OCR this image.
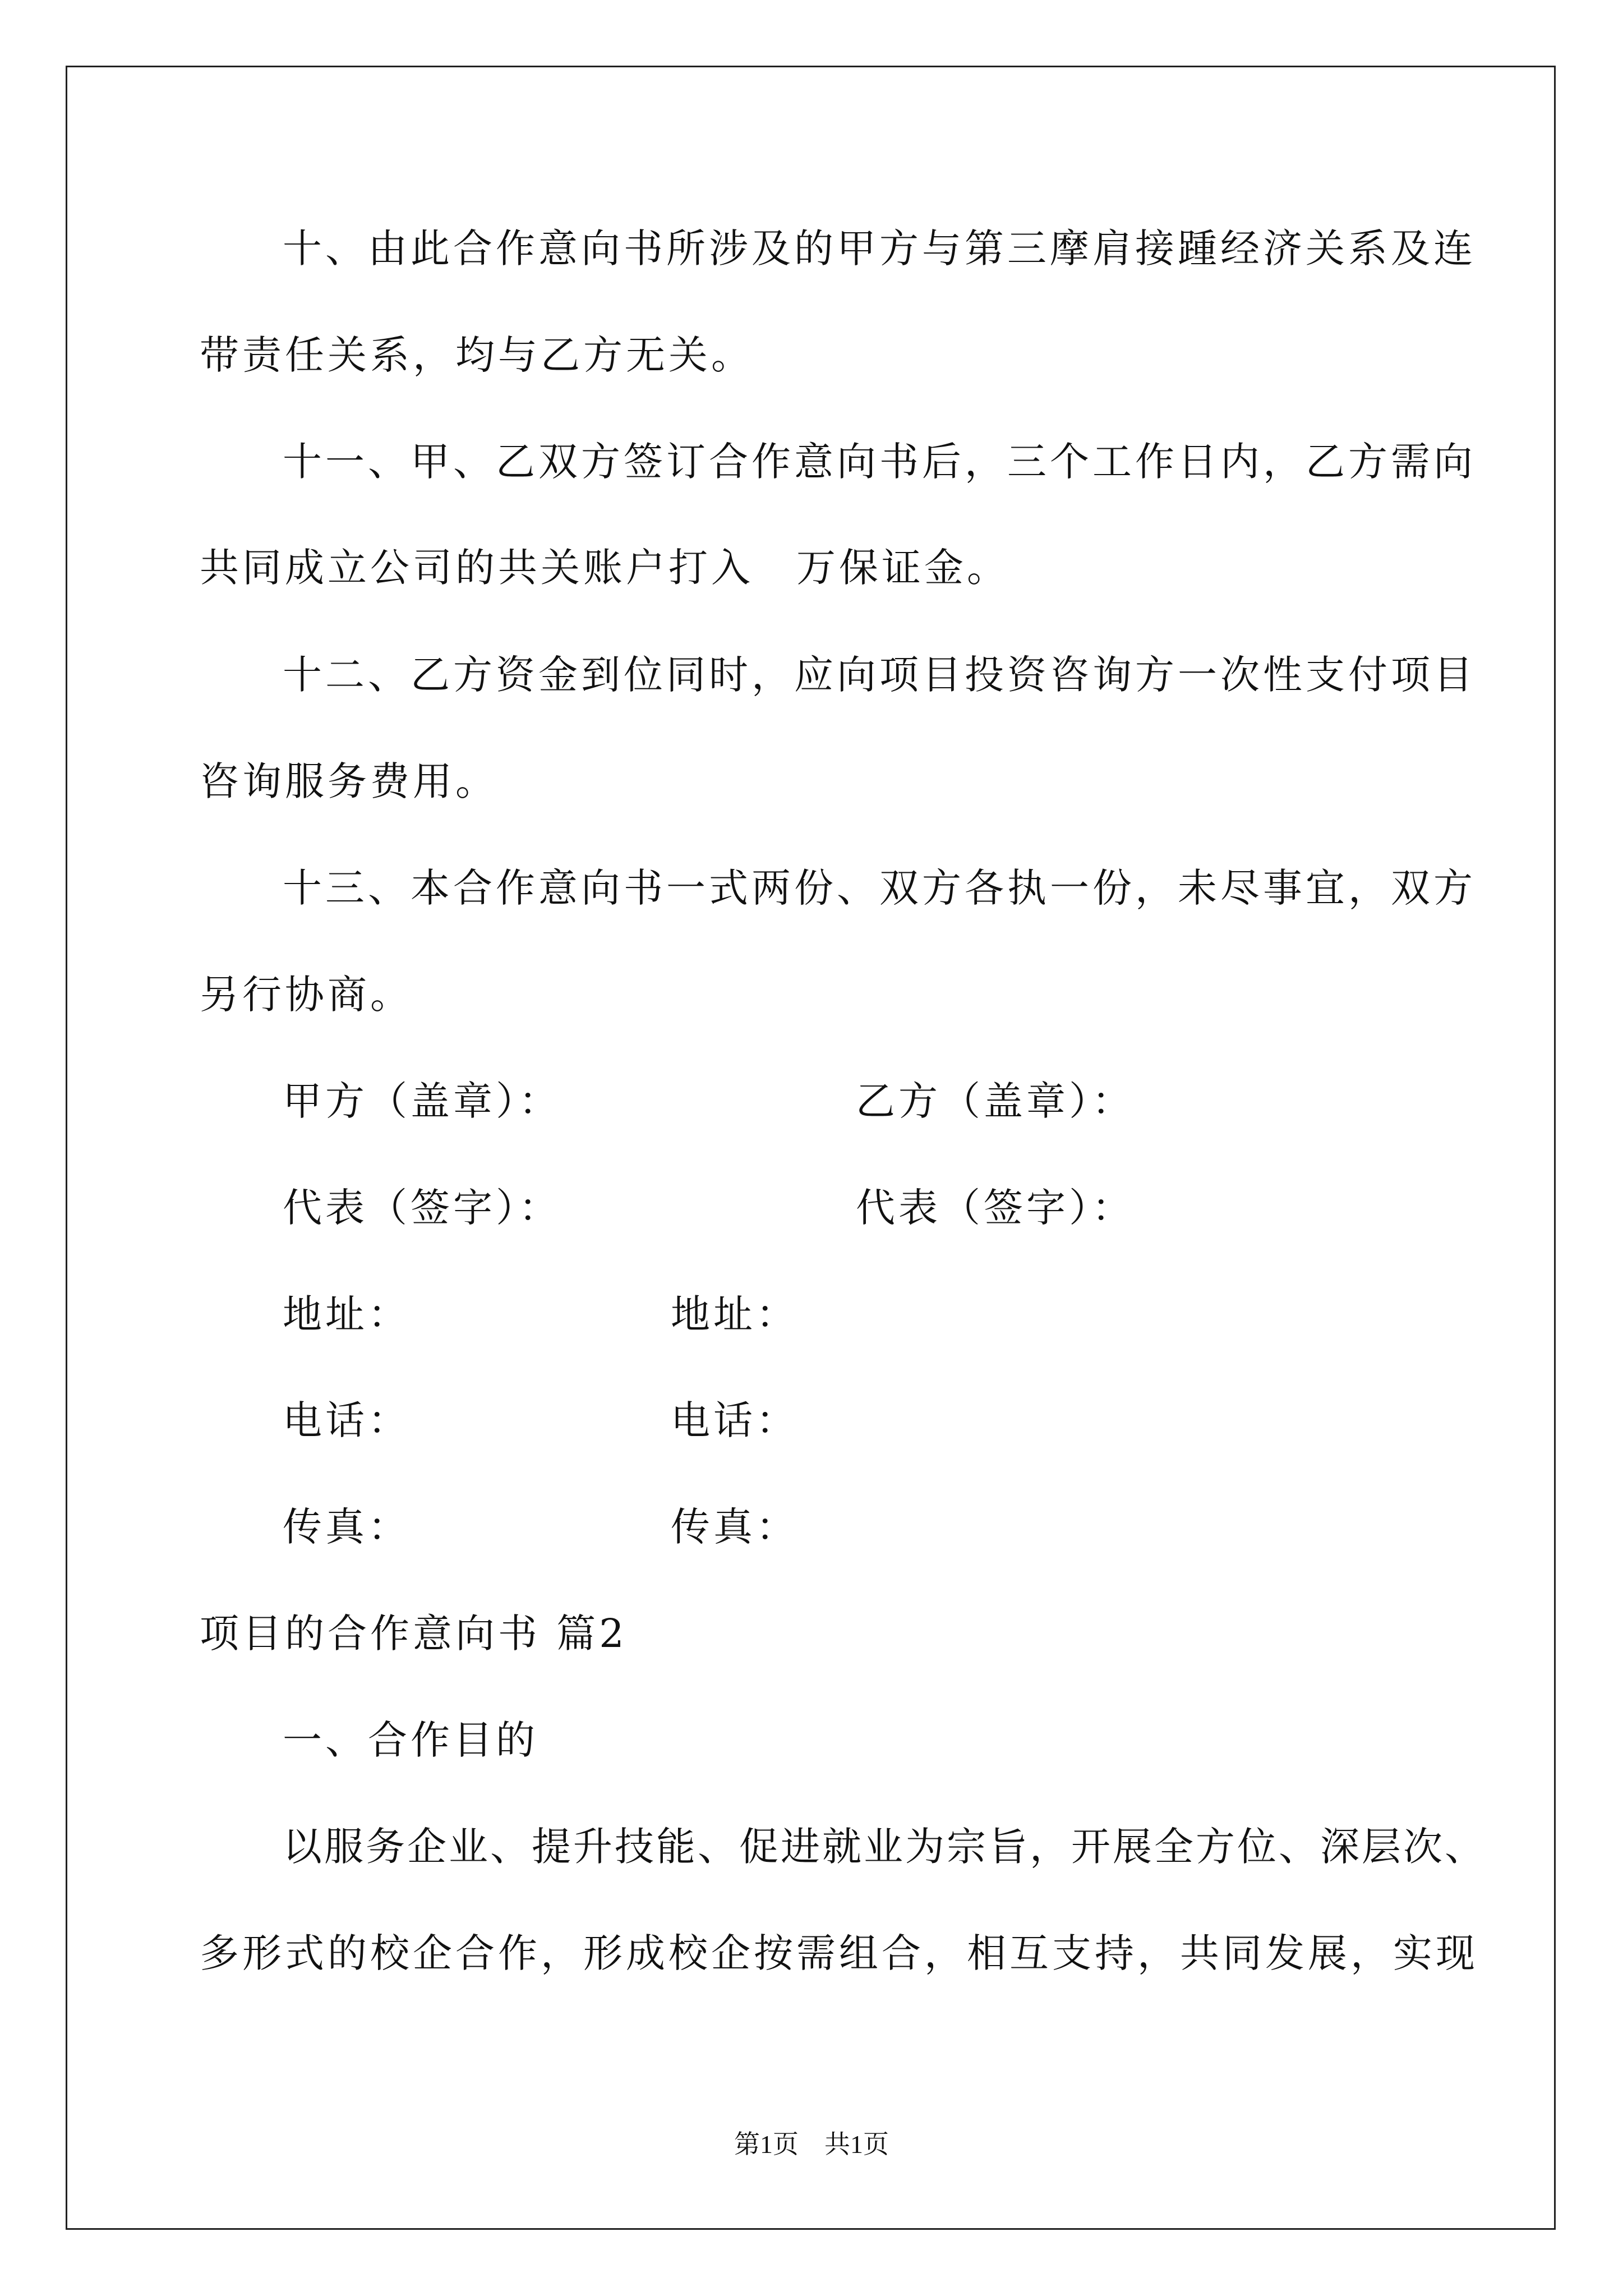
十、由此合作意向书所涉及的甲方与第三摩肩接踵经济关系及连
带责任关系，均与乙方无关。
十一、甲、乙双方签订合作意向书后，三个工作日内，乙方需向
共同成立公司的共关账户打入　万保证金。
十二、乙方资金到位同时，应向项目投资咨询方一次性支付项目
咨询服务费用。
十三、本合作意向书一式两份、双方各执一份，未尽事宜，双方
另行协商。
甲方（盖章）：	乙方（盖章）：
代表（签字）：	代表（签字）：
地址：	地址：
电话：	电话：
传真：	传真：
项目的合作意向书 篇2
一、合作目的
以服务企业、提升技能、促进就业为宗旨，开展全方位、深层次、
多形式的校企合作，形成校企按需组合，相互支持，共同发展，实现
第1页　共1页
